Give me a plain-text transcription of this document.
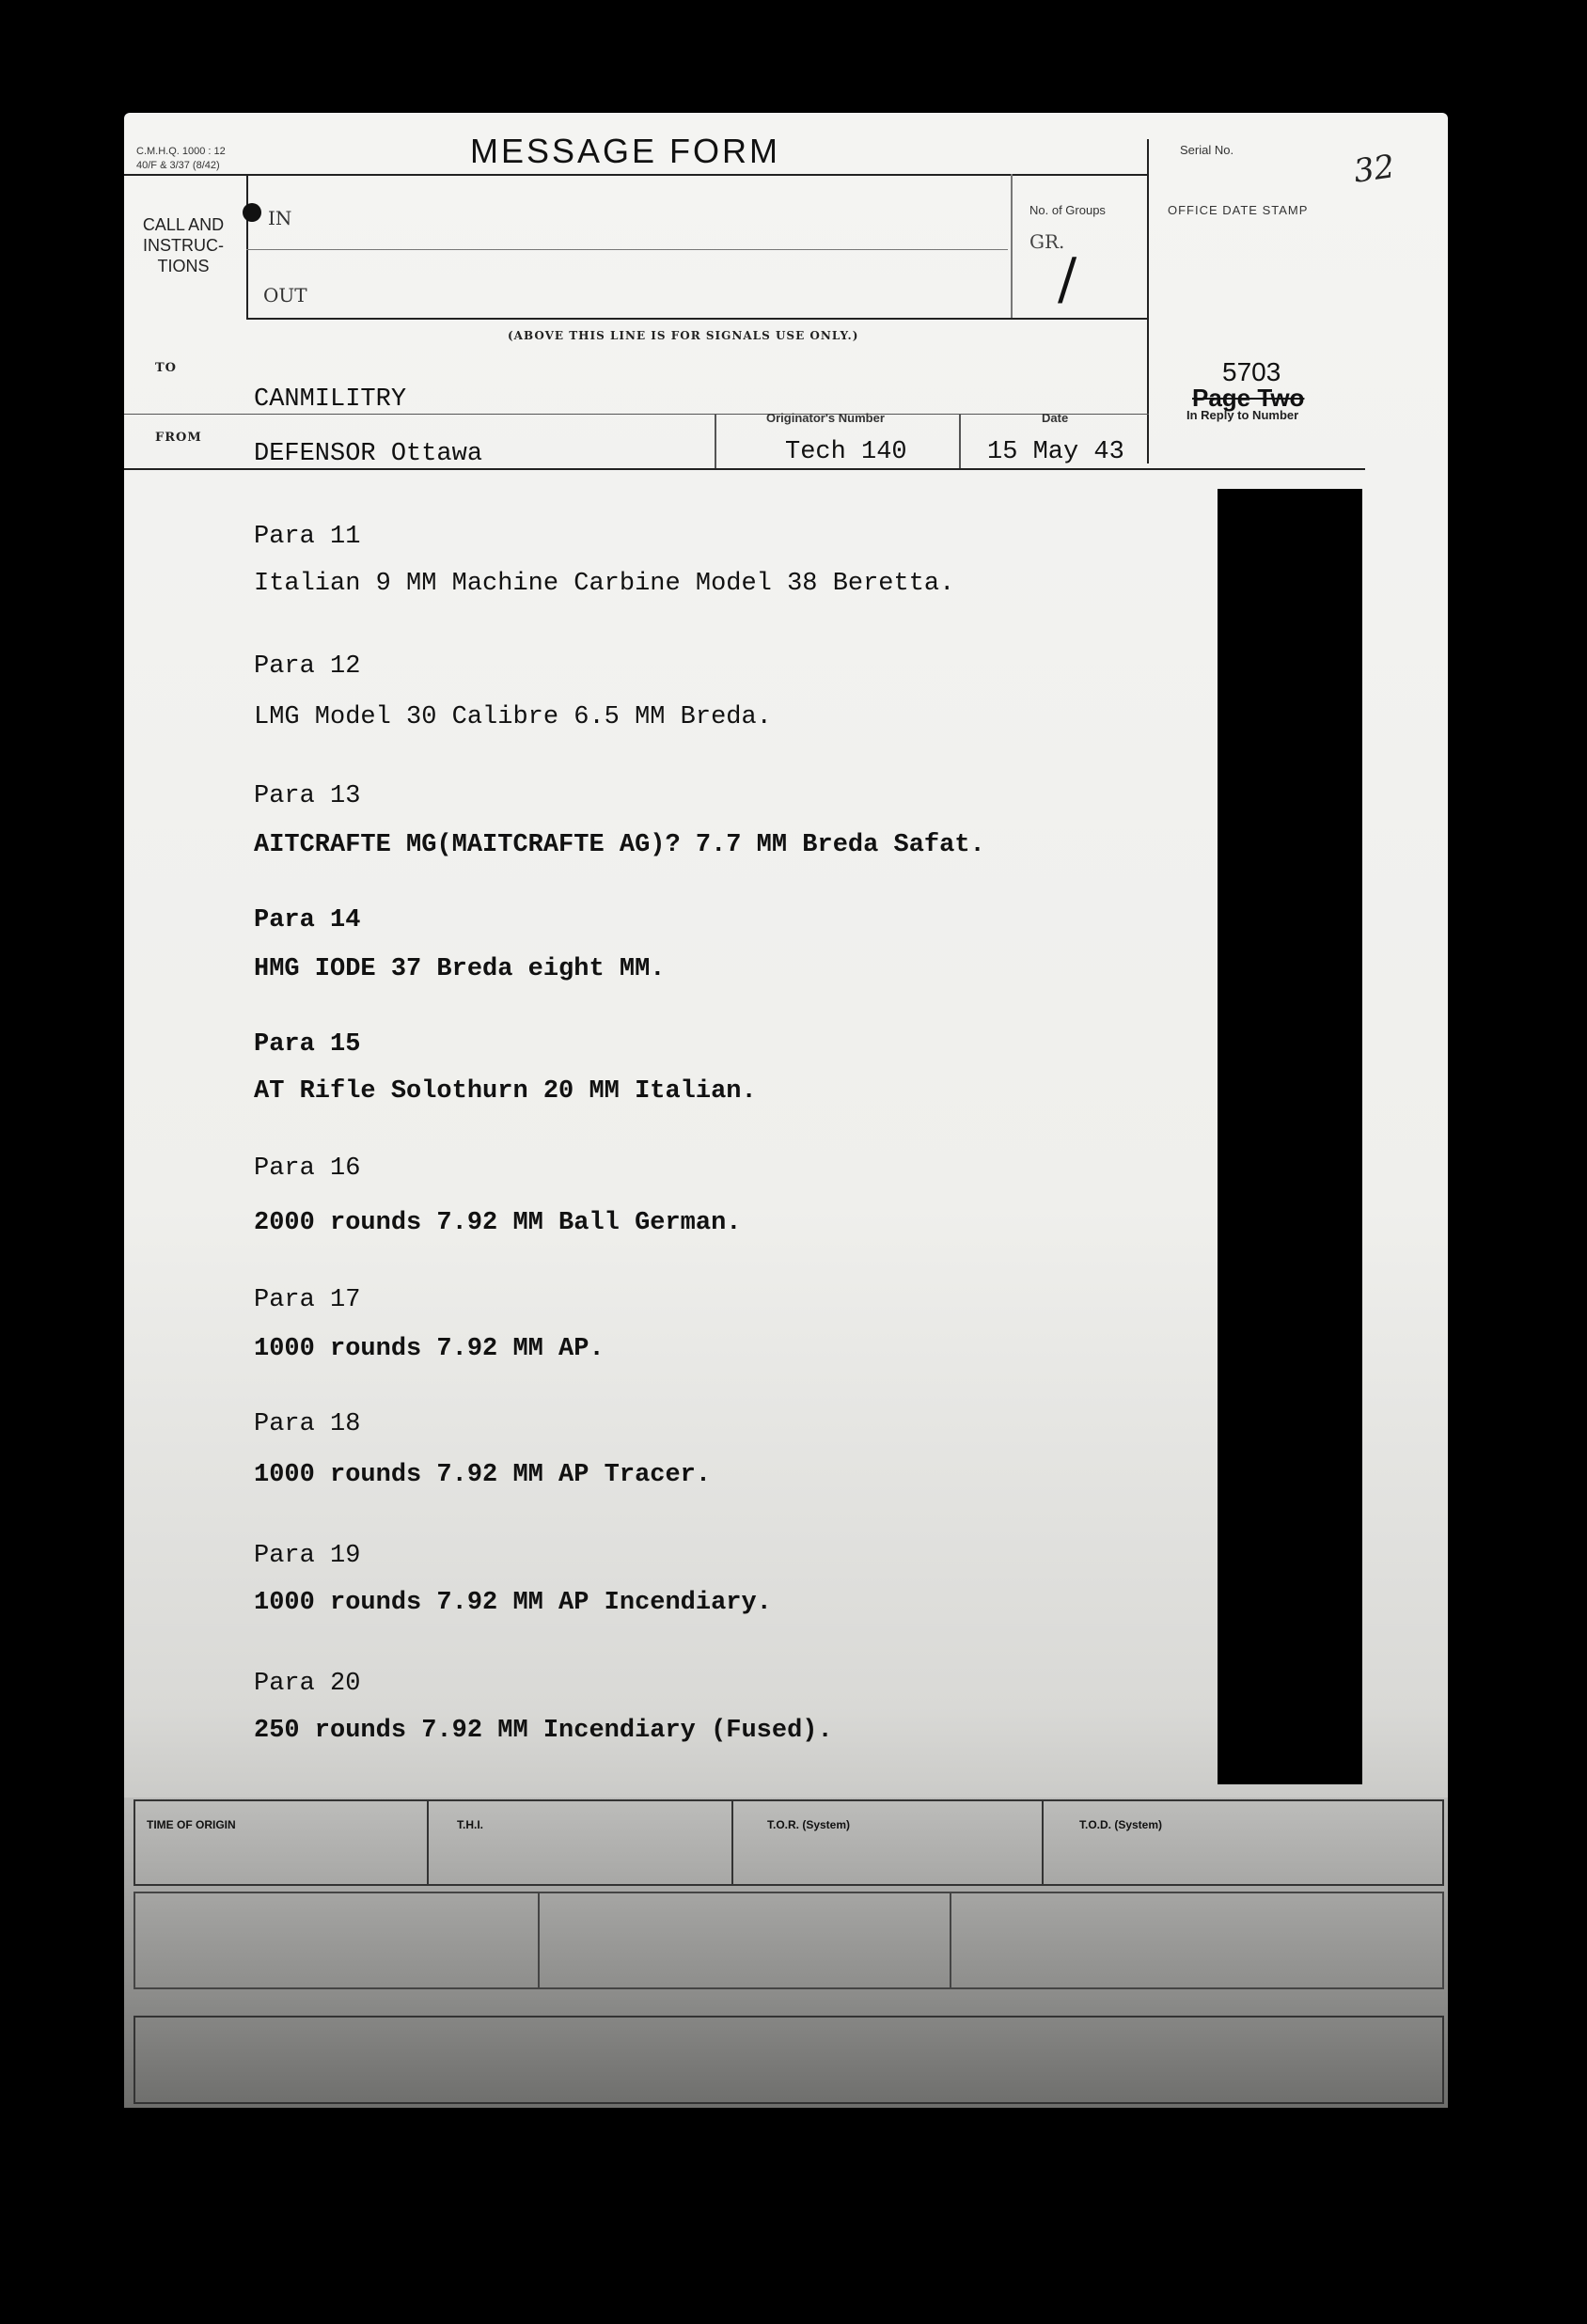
C.M.H.Q. 1000 : 12
40/F & 3/37 (8/42)	MESSAGE FORM	Serial No.	32
CALL AND INSTRUC- TIONS
IN
OUT
No. of Groups
GR.
/
OFFICE DATE STAMP
(ABOVE THIS LINE IS FOR SIGNALS USE ONLY.)
TO
CANMILITRY
FROM
DEFENSOR Ottawa
Originator's Number
Tech 140
Date
15 May 43
5703
Page Two
In Reply to Number
Para 11
Italian 9 MM Machine Carbine Model 38 Beretta.
Para 12
LMG Model 30 Calibre 6.5 MM Breda.
Para 13
AITCRAFTE MG(MAITCRAFTE AG)? 7.7 MM Breda Safat.
Para 14
HMG IODE 37 Breda eight MM.
Para 15
AT Rifle Solothurn 20 MM Italian.
Para 16
2000 rounds 7.92 MM Ball German.
Para 17
1000 rounds 7.92 MM AP.
Para 18
1000 rounds 7.92 MM AP Tracer.
Para 19
1000 rounds 7.92 MM AP Incendiary.
Para 20
250 rounds 7.92 MM Incendiary (Fused).
TIME OF ORIGIN	T.H.I.	T.O.R. (System)	T.O.D. (System)
